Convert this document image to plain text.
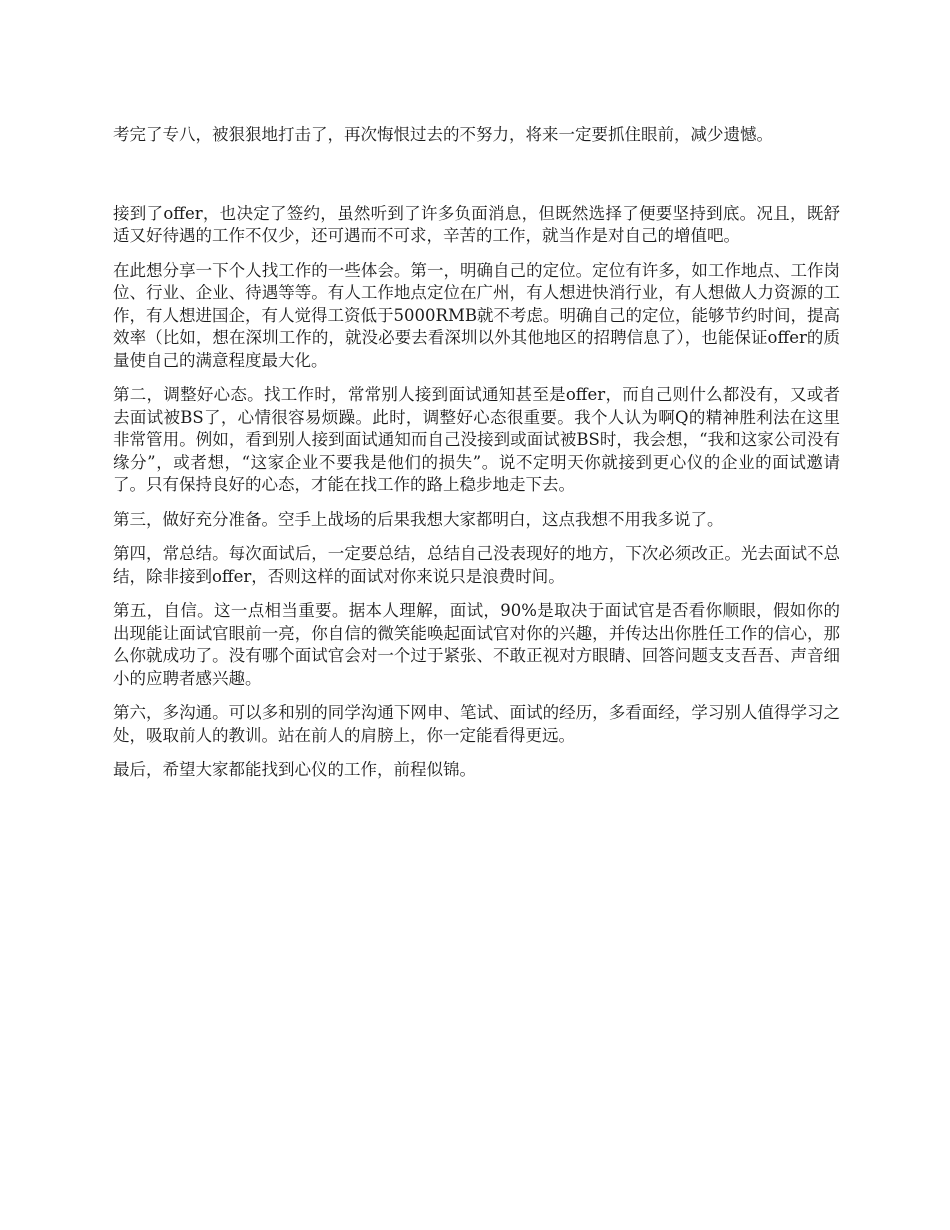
考完了专八，被狠狠地打击了，再次悔恨过去的不努力，将来一定要抓住眼前，减少遗憾。

接到了offer，也决定了签约，虽然听到了许多负面消息，但既然选择了便要坚持到底。况且，既舒适又好待遇的工作不仅少，还可遇而不可求，辛苦的工作，就当作是对自己的增值吧。

在此想分享一下个人找工作的一些体会。第一，明确自己的定位。定位有许多，如工作地点、工作岗位、行业、企业、待遇等等。有人工作地点定位在广州，有人想进快消行业，有人想做人力资源的工作，有人想进国企，有人觉得工资低于5000RMB就不考虑。明确自己的定位，能够节约时间，提高效率（比如，想在深圳工作的，就没必要去看深圳以外其他地区的招聘信息了），也能保证offer的质量使自己的满意程度最大化。

第二，调整好心态。找工作时，常常别人接到面试通知甚至是offer，而自己则什么都没有，又或者去面试被BS了，心情很容易烦躁。此时，调整好心态很重要。我个人认为啊Q的精神胜利法在这里非常管用。例如，看到别人接到面试通知而自己没接到或面试被BS时，我会想，“我和这家公司没有缘分”，或者想，“这家企业不要我是他们的损失”。说不定明天你就接到更心仪的企业的面试邀请了。只有保持良好的心态，才能在找工作的路上稳步地走下去。

第三，做好充分准备。空手上战场的后果我想大家都明白，这点我想不用我多说了。

第四，常总结。每次面试后，一定要总结，总结自己没表现好的地方，下次必须改正。光去面试不总结，除非接到offer，否则这样的面试对你来说只是浪费时间。

第五，自信。这一点相当重要。据本人理解，面试，90%是取决于面试官是否看你顺眼，假如你的出现能让面试官眼前一亮，你自信的微笑能唤起面试官对你的兴趣，并传达出你胜任工作的信心，那么你就成功了。没有哪个面试官会对一个过于紧张、不敢正视对方眼睛、回答问题支支吾吾、声音细小的应聘者感兴趣。

第六，多沟通。可以多和别的同学沟通下网申、笔试、面试的经历，多看面经，学习别人值得学习之处，吸取前人的教训。站在前人的肩膀上，你一定能看得更远。

最后，希望大家都能找到心仪的工作，前程似锦。
